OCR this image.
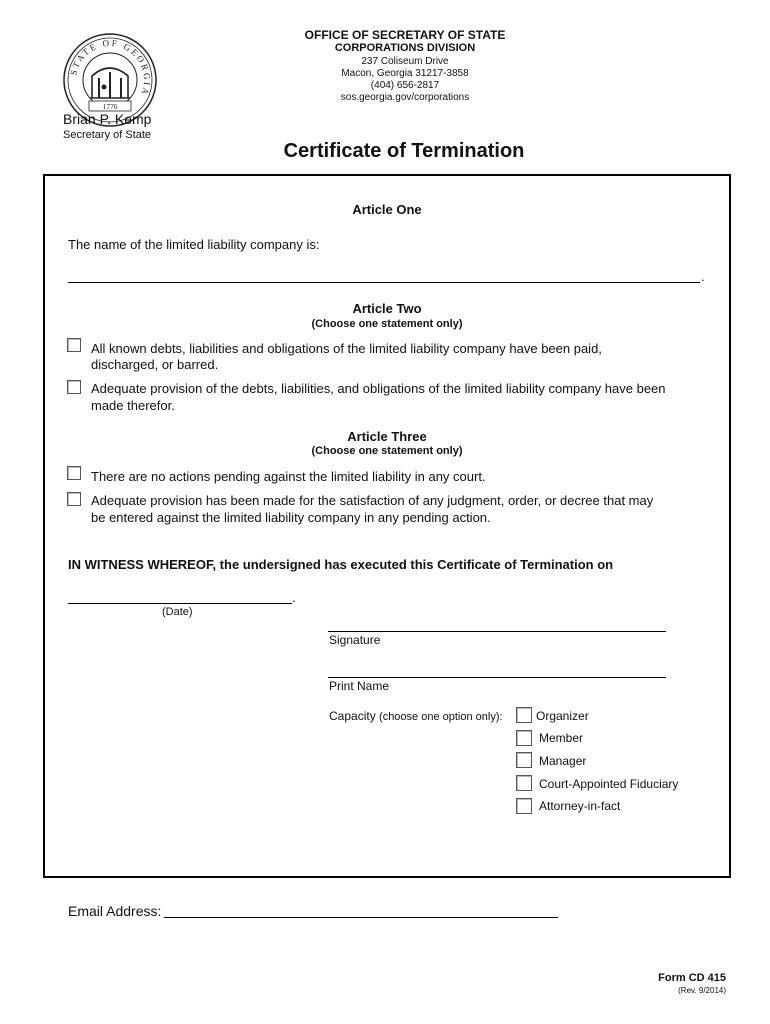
OFFICE OF SECRETARY OF STATE
CORPORATIONS DIVISION
237 Coliseum Drive
Macon, Georgia 31217-3858
(404) 656-2817
sos.georgia.gov/corporations
STATE OF GEORGIA
1776
Brian P. Kemp
Secretary of State
Certificate of Termination
Article One
The name of the limited liability company is:
.
Article Two
(Choose one statement only)
All known debts, liabilities and obligations of the limited liability company have been paid,
discharged, or barred.
Adequate provision of the debts, liabilities, and obligations of the limited liability company have been
made therefor.
Article Three
(Choose one statement only)
There are no actions pending against the limited liability in any court.
Adequate provision has been made for the satisfaction of any judgment, order, or decree that may
be entered against the limited liability company in any pending action.
IN WITNESS WHEREOF, the undersigned has executed this Certificate of Termination on
.
(Date)
Signature
Print Name
Capacity (choose one option only):	Organizer
Member
Manager
Court-Appointed Fiduciary
Attorney-in-fact
Email Address:
Form CD 415
(Rev. 9/2014)
